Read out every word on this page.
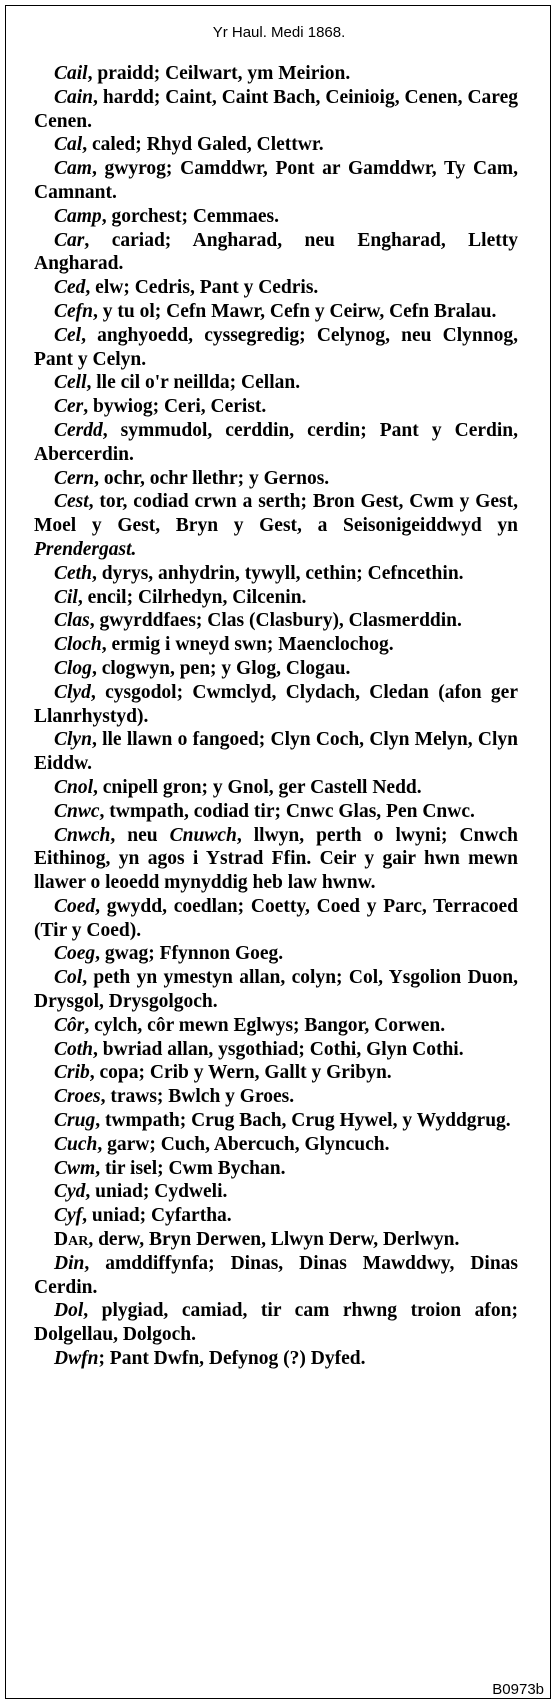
Yr Haul. Medi 1868.

Cail, praidd; Ceilwart, ym Meirion.

Cain, hardd; Caint, Caint Bach, Ceinioig, Cenen, Careg Cenen.

Cal, caled; Rhyd Galed, Clettwr.

Cam, gwyrog; Camddwr, Pont ar Gamddwr, Ty Cam, Camnant.

Camp, gorchest; Cemmaes.

Car, cariad; Angharad, neu Engharad, Lletty Angharad.

Ced, elw; Cedris, Pant y Cedris.

Cefn, y tu ol; Cefn Mawr, Cefn y Ceirw, Cefn Bralau.

Cel, anghyoedd, cyssegredig; Celynog, neu Clynnog, Pant y Celyn.

Cell, lle cil o'r neillda; Cellan.

Cer, bywiog; Ceri, Cerist.

Cerdd, symmudol, cerddin, cerdin; Pant y Cerdin, Abercerdin.

Cern, ochr, ochr llethr; y Gernos.

Cest, tor, codiad crwn a serth; Bron Gest, Cwm y Gest, Moel y Gest, Bryn y Gest, a Seisonigeiddwyd yn Prendergast.

Ceth, dyrys, anhydrin, tywyll, cethin; Cefncethin.

Cil, encil; Cilrhedyn, Cilcenin.

Clas, gwyrddfaes; Clas (Clasbury), Clasmerddin.

Cloch, ermig i wneyd swn; Maenclochog.

Clog, clogwyn, pen; y Glog, Clogau.

Clyd, cysgodol; Cwmclyd, Clydach, Cledan (afon ger Llanrhystyd).

Clyn, lle llawn o fangoed; Clyn Coch, Clyn Melyn, Clyn Eiddw.

Cnol, cnipell gron; y Gnol, ger Castell Nedd.

Cnwc, twmpath, codiad tir; Cnwc Glas, Pen Cnwc.

Cnwch, neu Cnuwch, llwyn, perth o lwyni; Cnwch Eithinog, yn agos i Ystrad Ffin. Ceir y gair hwn mewn llawer o leoedd mynyddig heb law hwnw.

Coed, gwydd, coedlan; Coetty, Coed y Parc, Terracoed (Tir y Coed).

Coeg, gwag; Ffynnon Goeg.

Col, peth yn ymestyn allan, colyn; Col, Ysgolion Duon, Drysgol, Drysgolgoch.

Côr, cylch, côr mewn Eglwys; Bangor, Corwen.

Coth, bwriad allan, ysgothiad; Cothi, Glyn Cothi.

Crib, copa; Crib y Wern, Gallt y Gribyn.

Croes, traws; Bwlch y Groes.

Crug, twmpath; Crug Bach, Crug Hywel, y Wyddgrug.

Cuch, garw; Cuch, Abercuch, Glyncuch.

Cwm, tir isel; Cwm Bychan.

Cyd, uniad; Cydweli.

Cyf, uniad; Cyfartha.

Dar, derw, Bryn Derwen, Llwyn Derw, Derlwyn.

Din, amddiffynfa; Dinas, Dinas Mawddwy, Dinas Cerdin.

Dol, plygiad, camiad, tir cam rhwng troion afon; Dolgellau, Dolgoch.

Dwfn; Pant Dwfn, Defynog (?) Dyfed.

B0973b
